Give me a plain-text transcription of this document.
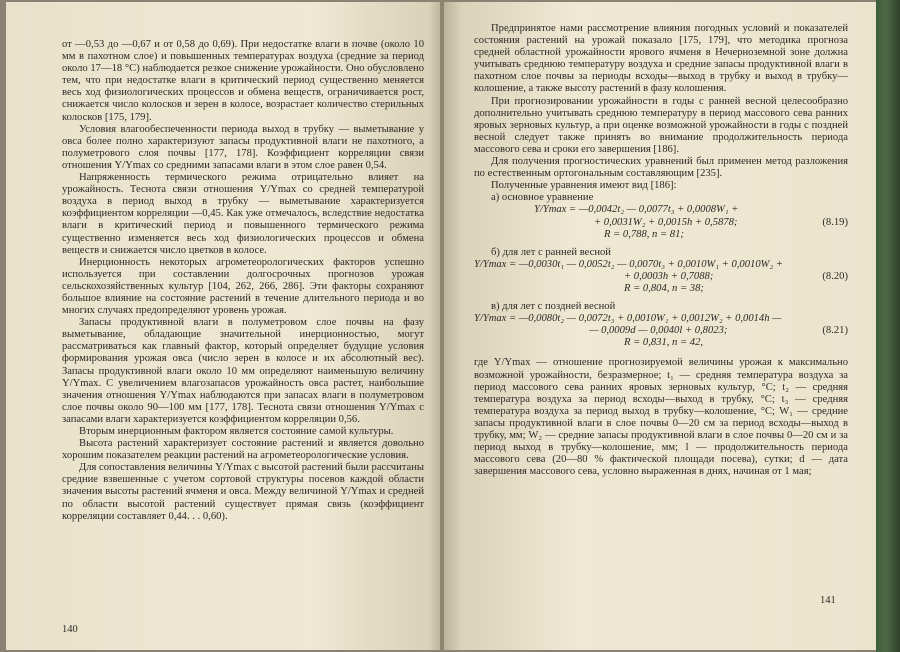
от —0,53 до —0,67 и от 0,58 до 0,69). При недостатке влаги в почве (около 10 мм в пахотном слое) и повышенных температурах воздуха (средние за период около 17—18 °C) наблюдается резкое снижение урожайности. Оно обусловлено тем, что при недостатке влаги в критический период существенно меняется весь ход физиологических процессов и обмена веществ, ограничивается рост, снижается число колосков и зерен в колосе, возрастает количество стерильных колосков [175, 179].

Условия влагообеспеченности периода выход в трубку — выметывание у овса более полно характеризуют запасы продуктивной влаги не пахотного, а полуметрового слоя почвы [177, 178]. Коэффициент корреляции связи отношения Y/Ymax со средними запасами влаги в этом слое равен 0,54.

Напряженность термического режима отрицательно влияет на урожайность. Теснота связи отношения Y/Ymax со средней температурой воздуха в период выход в трубку — выметывание характеризуется коэффициентом корреляции —0,45. Как уже отмечалось, вследствие недостатка влаги в критический период и повышенного термического режима существенно изменяется весь ход физиологических процессов и обмена веществ и снижается число цветков в колосе.

Инерционность некоторых агрометеорологических факторов успешно используется при составлении долгосрочных прогнозов урожая сельскохозяйственных культур [104, 262, 266, 286]. Эти факторы сохраняют большое влияние на состояние растений в течение длительного периода и во многих случаях предопределяют уровень урожая.

Запасы продуктивной влаги в полуметровом слое почвы на фазу выметывание, обладающие значительной инерционностью, могут рассматриваться как главный фактор, который определяет будущие условия формирования урожая овса (число зерен в колосе и их абсолютный вес). Запасы продуктивной влаги около 10 мм определяют наименьшую величину Y/Ymax. С увеличением влагозапасов урожайность овса растет, наибольшие значения отношения Y/Ymax наблюдаются при запасах влаги в полуметровом слое почвы около 90—100 мм [177, 178]. Теснота связи отношения Y/Ymax с запасами влаги характеризуется коэффициентом корреляции 0,56.

Вторым инерционным фактором является состояние самой культуры.

Высота растений характеризует состояние растений и является довольно хорошим показателем реакции растений на агрометеорологические условия.

Для сопоставления величины Y/Ymax с высотой растений были рассчитаны средние взвешенные с учетом сортовой структуры посевов каждой области значения высоты растений ячменя и овса. Между величиной Y/Ymax и средней по области высотой растений существует прямая связь (коэффициент корреляции составляет 0,44. . . 0,60).

140

Предпринятое нами рассмотрение влияния погодных условий и показателей состояния растений на урожай показало [175, 179], что методика прогноза средней областной урожайности ярового ячменя в Нечерноземной зоне должна учитывать среднюю температуру воздуха и средние запасы продуктивной влаги в пахотном слое почвы за периоды всходы—выход в трубку и выход в трубку—колошение, а также высоту растений в фазу колошения.

При прогнозировании урожайности в годы с ранней весной целесообразно дополнительно учитывать среднюю температуру в период массового сева ранних яровых зерновых культур, а при оценке возможной урожайности в годы с поздней весной следует также принять во внимание продолжительность периода массового сева и сроки его завершения [186].

Для получения прогностических уравнений был применен метод разложения по естественным ортогональным составляющим [235].

Полученные уравнения имеют вид [186]:

а) основное уравнение

Y/Ymax = —0,0042t₂ — 0,0077t₃ + 0,0008W₁ +
+ 0,0031W₂ + 0,0015h + 0,5878;	(8.19)
R = 0,788, n = 81;

б) для лет с ранней весной

Y/Ymax = —0,0030t₁ — 0,0052t₂ — 0,0070t₃ + 0,0010W₁ + 0,0010W₂ +
+ 0,0003h + 0,7088;	(8.20)
R = 0,804, n = 38;

в) для лет с поздней весной

Y/Ymax = —0,0080t₂ — 0,0072t₃ + 0,0010W₁ + 0,0012W₂ + 0,0014h —
— 0,0009d — 0,0040l + 0,8023;	(8.21)
R = 0,831, n = 42,

где Y/Ymax — отношение прогнозируемой величины урожая к максимально возможной урожайности, безразмерное; t₁ — средняя температура воздуха за период массового сева ранних яровых зерновых культур, °С; t₂ — средняя температура воздуха за период всходы—выход в трубку, °С; t₃ — средняя температура воздуха за период выход в трубку—колошение, °С; W₁ — средние запасы продуктивной влаги в слое почвы 0—20 см за период всходы—выход в трубку, мм; W₂ — средние запасы продуктивной влаги в слое почвы 0—20 см и за период выход в трубку—колошение, мм; l — продолжительность периода массового сева (20—80 % фактической площади посева), сутки; d — дата завершения массового сева, условно выраженная в днях, начиная от 1 мая;

141
